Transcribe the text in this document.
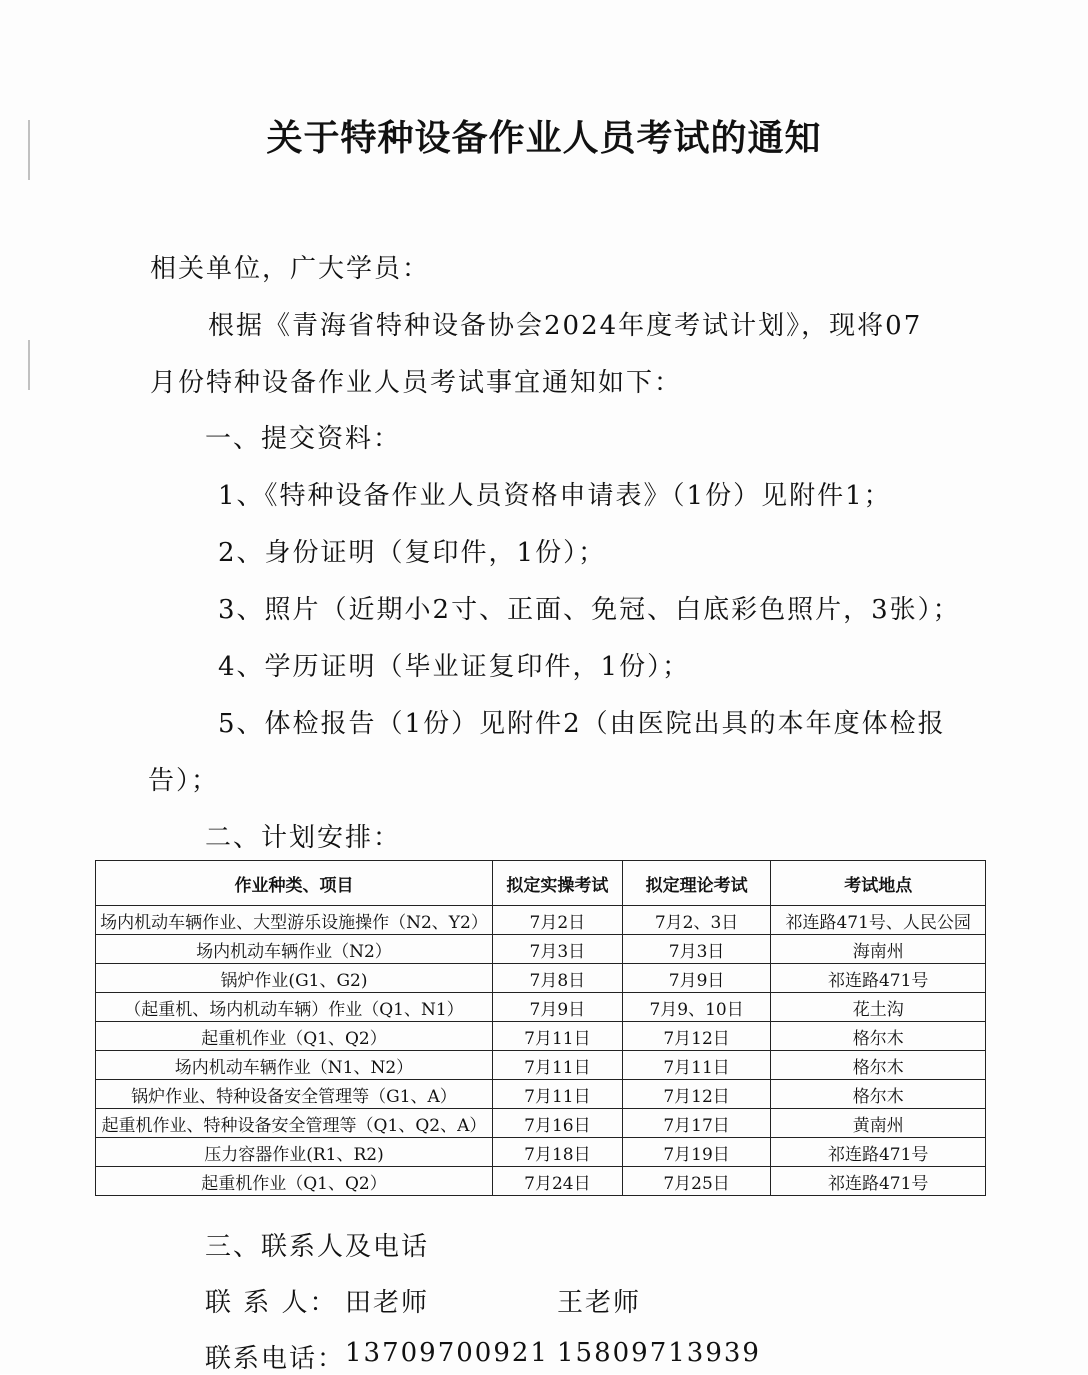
关于特种设备作业人员考试的通知
相关单位，广大学员：
根据《青海省特种设备协会2024年度考试计划》，现将07
月份特种设备作业人员考试事宜通知如下：
一、提交资料：
1、《特种设备作业人员资格申请表》（1份）见附件1；
2、身份证明（复印件，1份）；
3、照片（近期小2寸、正面、免冠、白底彩色照片，3张）；
4、学历证明（毕业证复印件，1份）；
5、体检报告（1份）见附件2（由医院出具的本年度体检报
告）；
二、计划安排：
作业种类、项目	拟定实操考试	拟定理论考试	考试地点
场内机动车辆作业、大型游乐设施操作（N2、Y2）	7月2日	7月2、3日	祁连路471号、人民公园
场内机动车辆作业（N2）	7月3日	7月3日	海南州
锅炉作业(G1、G2)	7月8日	7月9日	祁连路471号
（起重机、场内机动车辆）作业（Q1、N1）	7月9日	7月9、10日	花土沟
起重机作业（Q1、Q2）	7月11日	7月12日	格尔木
场内机动车辆作业（N1、N2）	7月11日	7月11日	格尔木
锅炉作业、特种设备安全管理等（G1、A）	7月11日	7月12日	格尔木
起重机作业、特种设备安全管理等（Q1、Q2、A）	7月16日	7月17日	黄南州
压力容器作业(R1、R2)	7月18日	7月19日	祁连路471号
起重机作业（Q1、Q2）	7月24日	7月25日	祁连路471号
三、联系人及电话
联 系 人： 田老师	王老师
联系电话： 13709700921 15809713939
